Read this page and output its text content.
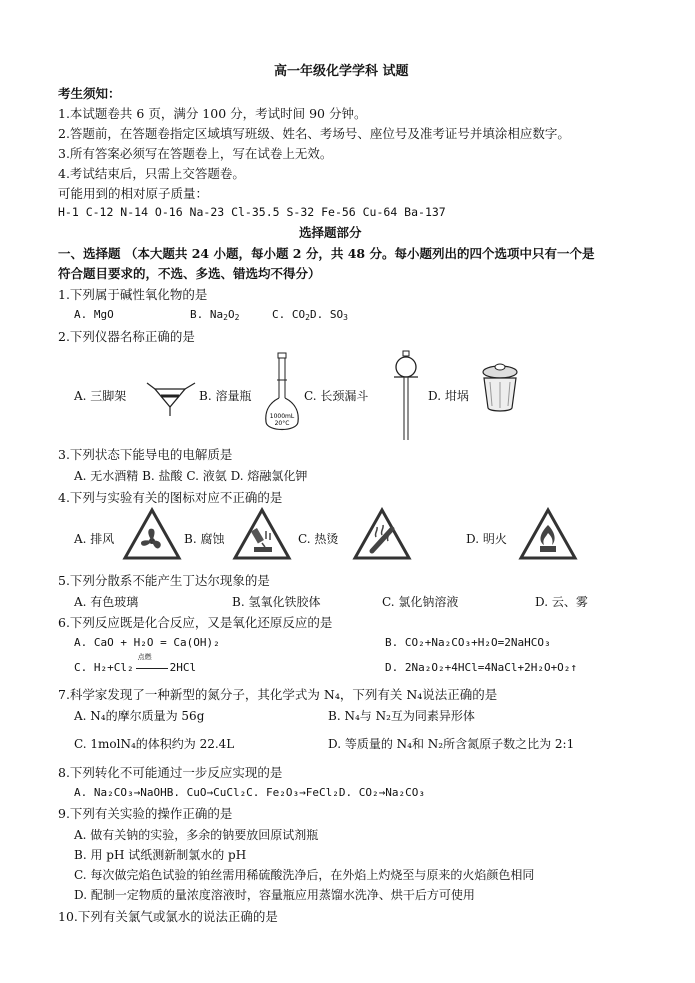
高一年级化学学科 试题
考生须知：
1.本试题卷共 6 页，满分 100 分，考试时间 90 分钟。
2.答题前，在答题卷指定区域填写班级、姓名、考场号、座位号及准考证号并填涂相应数字。
3.所有答案必须写在答题卷上，写在试卷上无效。
4.考试结束后，只需上交答题卷。
可能用到的相对原子质量：
H-1 C-12 N-14 O-16 Na-23 Cl-35.5 S-32 Fe-56 Cu-64 Ba-137
选择题部分
一、选择题 （本大题共 24 小题，每小题 2 分，共 48 分。每小题列出的四个选项中只有一个是
符合题目要求的，不选、多选、错选均不得分）
1.下列属于碱性氧化物的是
A. MgO	B. $Na_2O_2$	C. $CO_2D$. $SO_3$
2.下列仪器名称正确的是
A. 三脚架	B. 溶量瓶
1000mL
20°C
C. 长颈漏斗	D. 坩埚
3.下列状态下能导电的电解质是
A. 无水酒精 B. 盐酸 C. 液氨 D. 熔融氯化钾
4.下列与实验有关的图标对应不正确的是
A. 排风	B. 腐蚀	C. 热烫	D. 明火
5.下列分散系不能产生丁达尔现象的是
A. 有色玻璃	B. 氢氧化铁胶体	C. 氯化钠溶液	D. 云、雾
6.下列反应既是化合反应，又是氧化还原反应的是
A. CaO + H₂O = Ca(OH)₂	B. CO₂+Na₂CO₃+H₂O=2NaHCO₃
C. H₂+Cl₂
点燃
2HCl	D. 2Na₂O₂+4HCl=4NaCl+2H₂O+O₂↑
7.科学家发现了一种新型的氮分子，其化学式为 N₄，下列有关 N₄说法正确的是
A. N₄的摩尔质量为 56g	B. N₄与 N₂互为同素异形体
C. 1molN₄的体积约为 22.4L	D. 等质量的 N₄和 N₂所含氮原子数之比为 2:1
8.下列转化不可能通过一步反应实现的是
A. Na₂CO₃→NaOHB. CuO→CuCl₂C. Fe₂O₃→FeCl₂D. CO₂→Na₂CO₃
9.下列有关实验的操作正确的是
A. 做有关钠的实验，多余的钠要放回原试剂瓶
B. 用 pH 试纸测新制氯水的 pH
C. 每次做完焰色试验的铂丝需用稀硫酸洗净后，在外焰上灼烧至与原来的火焰颜色相同
D. 配制一定物质的量浓度溶液时，容量瓶应用蒸馏水洗净、烘干后方可使用
10.下列有关氯气或氯水的说法正确的是
